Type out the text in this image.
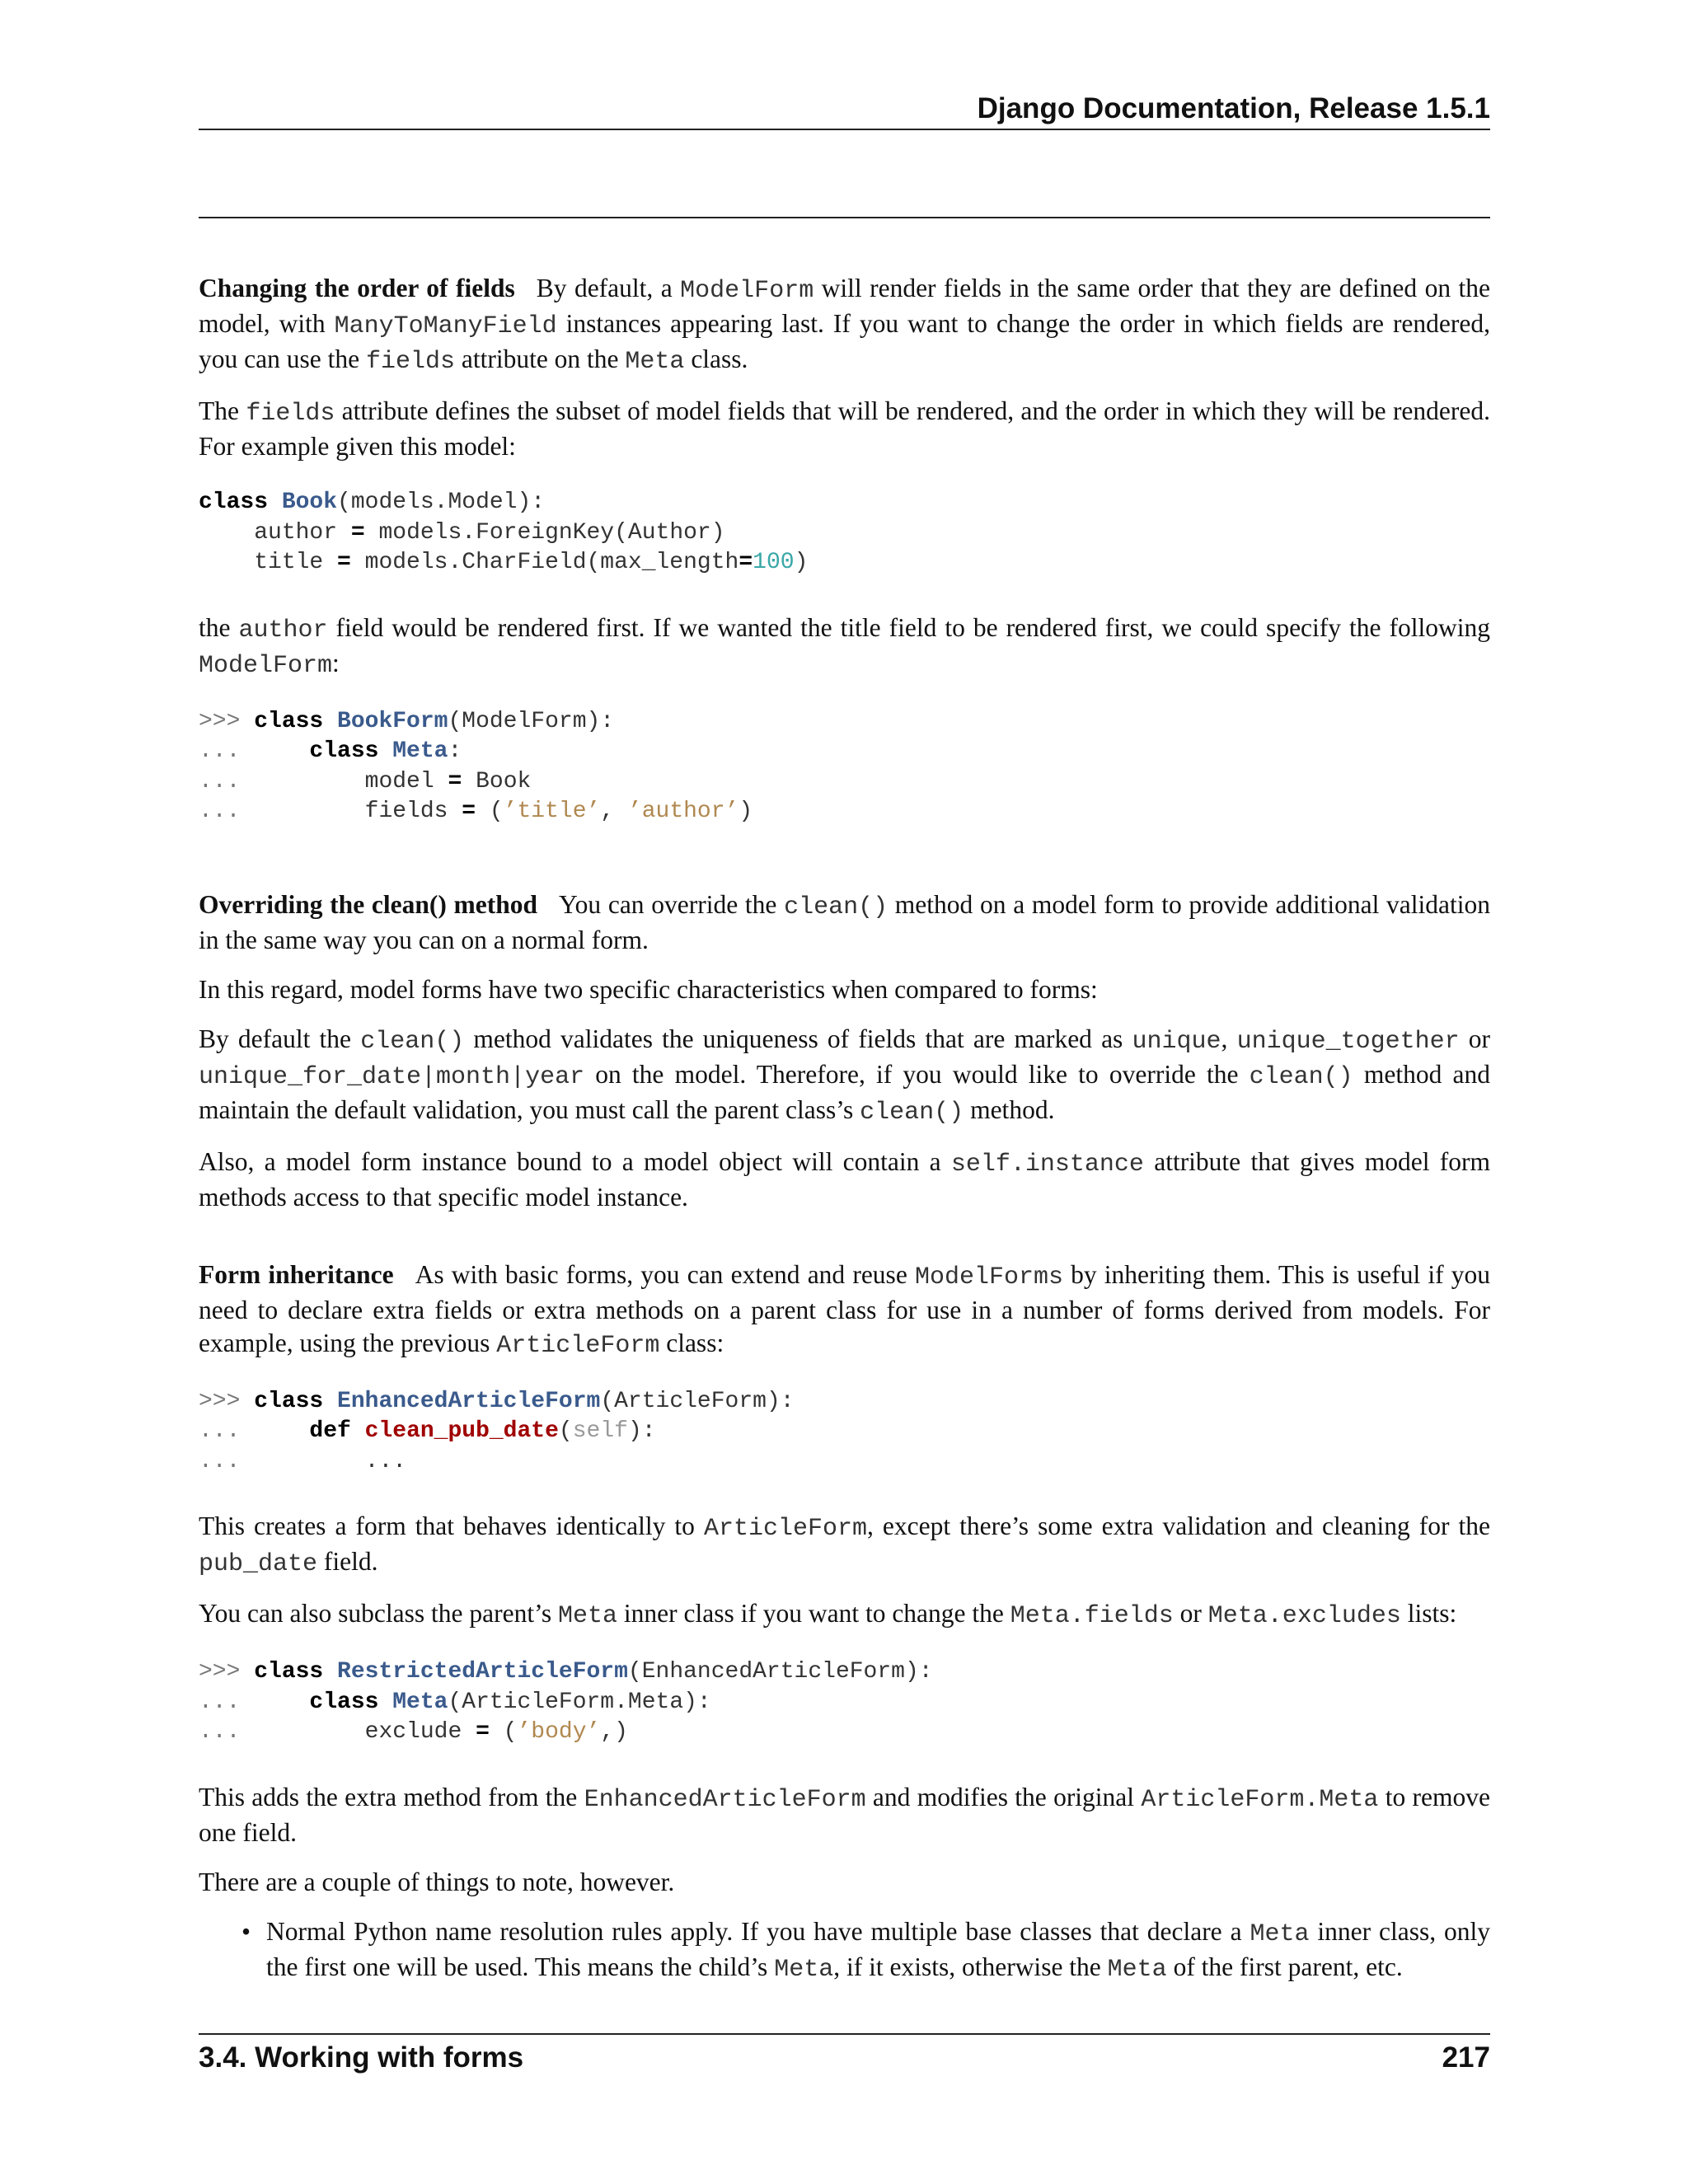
Django Documentation, Release 1.5.1

Changing the order of fields By default, a ModelForm will render fields in the same order that they are defined on the model, with ManyToManyField instances appearing last. If you want to change the order in which fields are rendered, you can use the fields attribute on the Meta class.

The fields attribute defines the subset of model fields that will be rendered, and the order in which they will be rendered. For example given this model:

class Book(models.Model):
author = models.ForeignKey(Author)
title = models.CharField(max_length=100)

the author field would be rendered first. If we wanted the title field to be rendered first, we could specify the following ModelForm:

>>> class BookForm(ModelForm):
...     class Meta:
...         model = Book
...         fields = (’title’, ’author’)

Overriding the clean() method You can override the clean() method on a model form to provide additional validation in the same way you can on a normal form.

In this regard, model forms have two specific characteristics when compared to forms:

By default the clean() method validates the uniqueness of fields that are marked as unique, unique_together or unique_for_date|month|year on the model. Therefore, if you would like to override the clean() method and maintain the default validation, you must call the parent class’s clean() method.

Also, a model form instance bound to a model object will contain a self.instance attribute that gives model form methods access to that specific model instance.

Form inheritance As with basic forms, you can extend and reuse ModelForms by inheriting them. This is useful if you need to declare extra fields or extra methods on a parent class for use in a number of forms derived from models. For example, using the previous ArticleForm class:

>>> class EnhancedArticleForm(ArticleForm):
...     def clean_pub_date(self):
...         ...

This creates a form that behaves identically to ArticleForm, except there’s some extra validation and cleaning for the pub_date field.

You can also subclass the parent’s Meta inner class if you want to change the Meta.fields or Meta.excludes lists:

>>> class RestrictedArticleForm(EnhancedArticleForm):
...     class Meta(ArticleForm.Meta):
...         exclude = (’body’,)

This adds the extra method from the EnhancedArticleForm and modifies the original ArticleForm.Meta to remove one field.

There are a couple of things to note, however.

• Normal Python name resolution rules apply. If you have multiple base classes that declare a Meta inner class, only the first one will be used. This means the child’s Meta, if it exists, otherwise the Meta of the first parent, etc.
3.4. Working with forms	217
